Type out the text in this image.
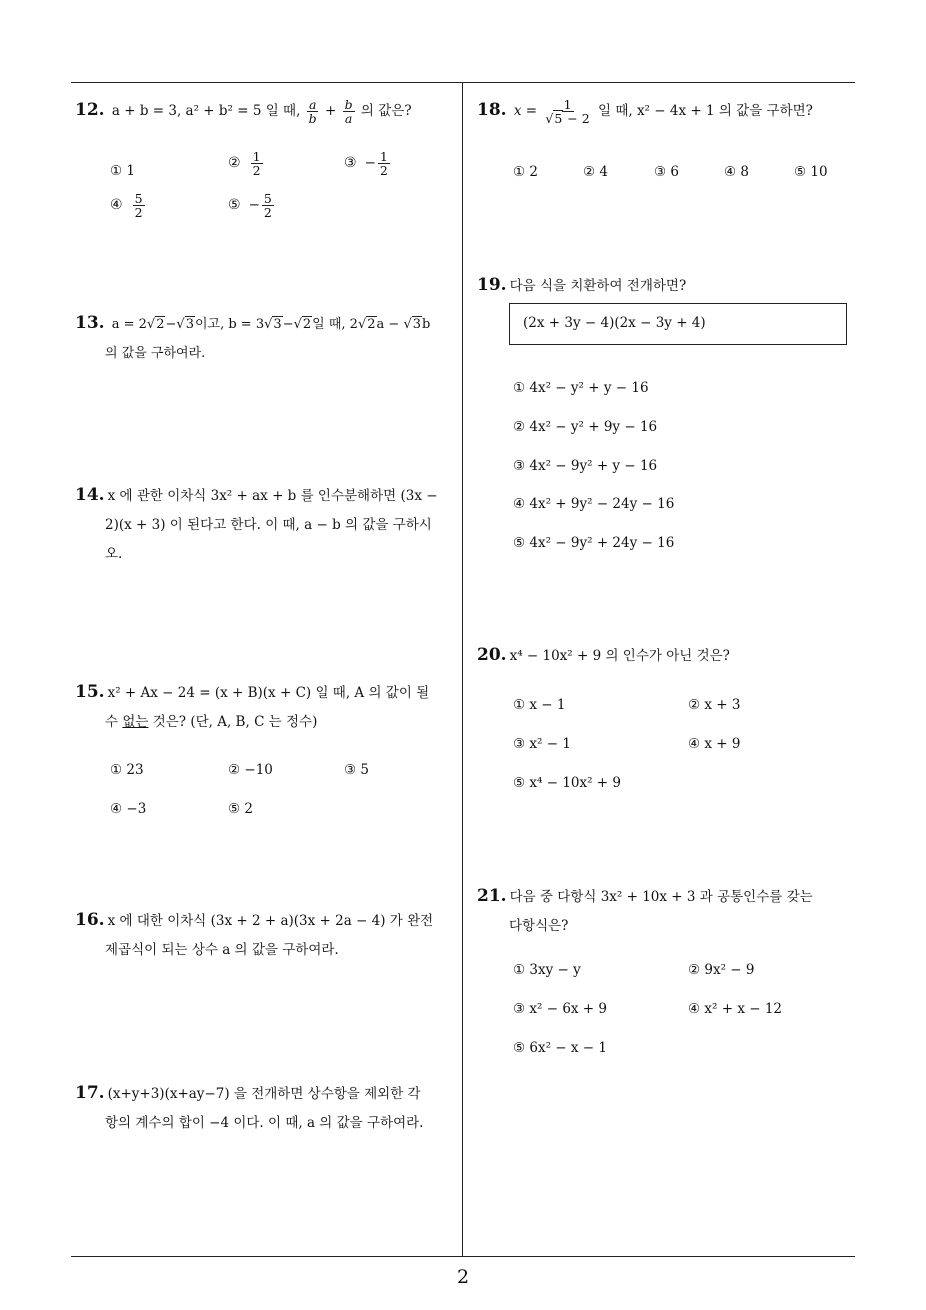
2
12. a + b = 3, a² + b² = 5 일 때, $\frac{a}{b} + \frac{b}{a}$ 의 값은?
① 1	② $\frac{1}{2}$	③ − $\frac{1}{2}$
④ $\frac{5}{2}$	⑤ − $\frac{5}{2}$
13. a = 2√2−√3이고, b = 3√3−√2일 때, 2√2a − √3b
의 값을 구하여라.
14. x 에 관한 이차식 3x² + ax + b 를 인수분해하면 (3x −
2)(x + 3) 이 된다고 한다. 이 때, a − b 의 값을 구하시
오.
15. x² + Ax − 24 = (x + B)(x + C) 일 때, A 의 값이 될
수 없는 것은? (단, A, B, C 는 정수)
① 23	② −10	③ 5
④ −3	⑤ 2
16. x 에 대한 이차식 (3x + 2 + a)(3x + 2a − 4) 가 완전
제곱식이 되는 상수 a 의 값을 구하여라.
17. (x+y+3)(x+ay−7) 을 전개하면 상수항을 제외한 각
항의 계수의 합이 −4 이다. 이 때, a 의 값을 구하여라.
18. $x = \frac{1}{√5 - 2}$ 일 때, x² − 4x + 1 의 값을 구하면?
① 2	② 4	③ 6	④ 8	⑤ 10
19. 다음 식을 치환하여 전개하면?
(2x + 3y − 4)(2x − 3y + 4)
① 4x² − y² + y − 16
② 4x² − y² + 9y − 16
③ 4x² − 9y² + y − 16
④ 4x² + 9y² − 24y − 16
⑤ 4x² − 9y² + 24y − 16
20. x⁴ − 10x² + 9 의 인수가 아닌 것은?
① x − 1	② x + 3
③ x² − 1	④ x + 9
⑤ x⁴ − 10x² + 9
21. 다음 중 다항식 3x² + 10x + 3 과 공통인수를 갖는
다항식은?
① 3xy − y	② 9x² − 9
③ x² − 6x + 9	④ x² + x − 12
⑤ 6x² − x − 1
